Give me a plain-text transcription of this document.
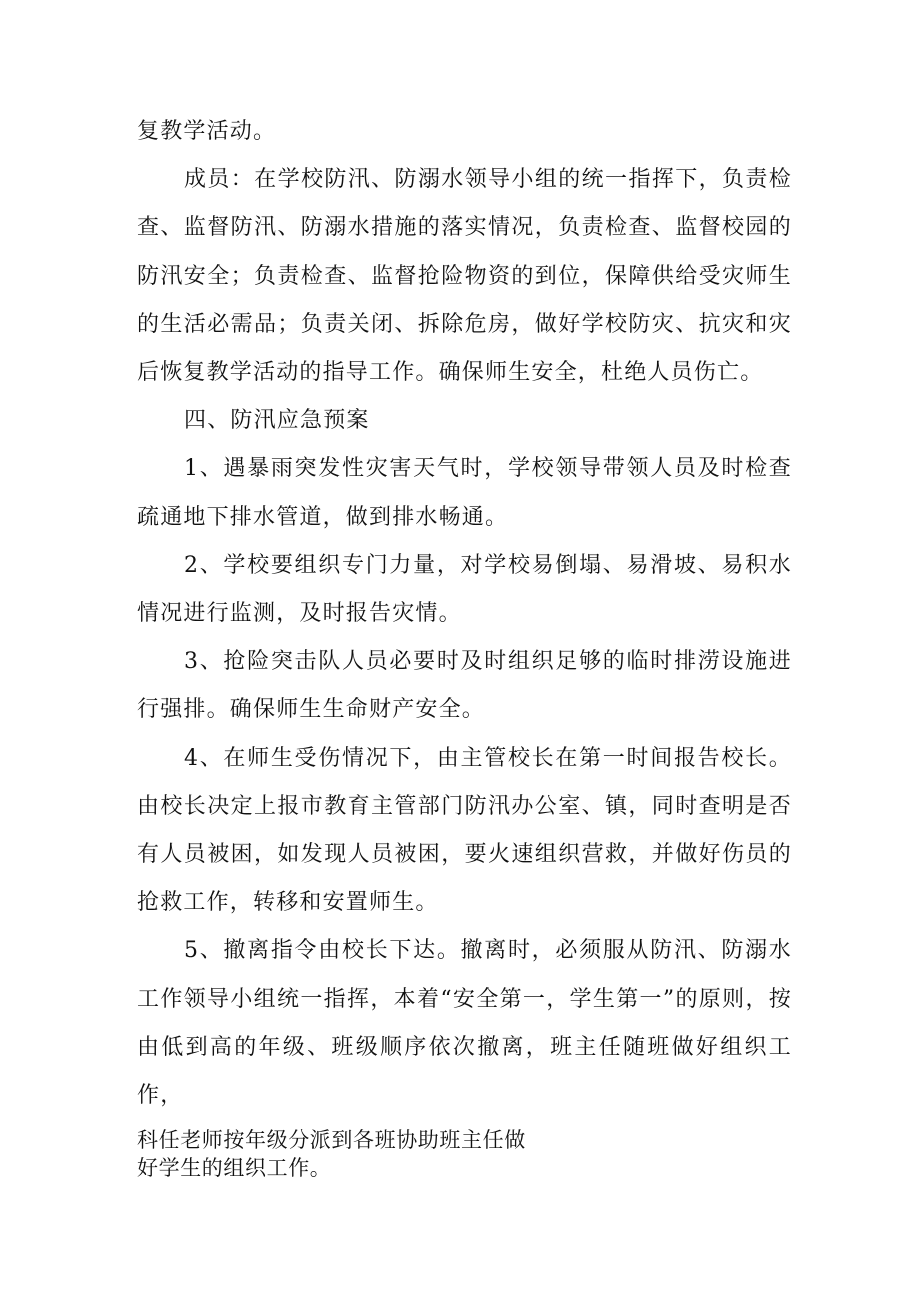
复教学活动。

成员：在学校防汛、防溺水领导小组的统一指挥下，负责检查、监督防汛、防溺水措施的落实情况，负责检查、监督校园的防汛安全；负责检查、监督抢险物资的到位，保障供给受灾师生的生活必需品；负责关闭、拆除危房，做好学校防灾、抗灾和灾后恢复教学活动的指导工作。确保师生安全，杜绝人员伤亡。

四、防汛应急预案

1、遇暴雨突发性灾害天气时，学校领导带领人员及时检查疏通地下排水管道，做到排水畅通。

2、学校要组织专门力量，对学校易倒塌、易滑坡、易积水情况进行监测，及时报告灾情。

3、抢险突击队人员必要时及时组织足够的临时排涝设施进行强排。确保师生生命财产安全。

4、在师生受伤情况下，由主管校长在第一时间报告校长。由校长决定上报市教育主管部门防汛办公室、镇，同时查明是否有人员被困，如发现人员被困，要火速组织营救，并做好伤员的抢救工作，转移和安置师生。

5、撤离指令由校长下达。撤离时，必须服从防汛、防溺水工作领导小组统一指挥，本着“安全第一，学生第一”的原则，按由低到高的年级、班级顺序依次撤离，班主任随班做好组织工作，

科任老师按年级分派到各班协助班主任做

好学生的组织工作。
